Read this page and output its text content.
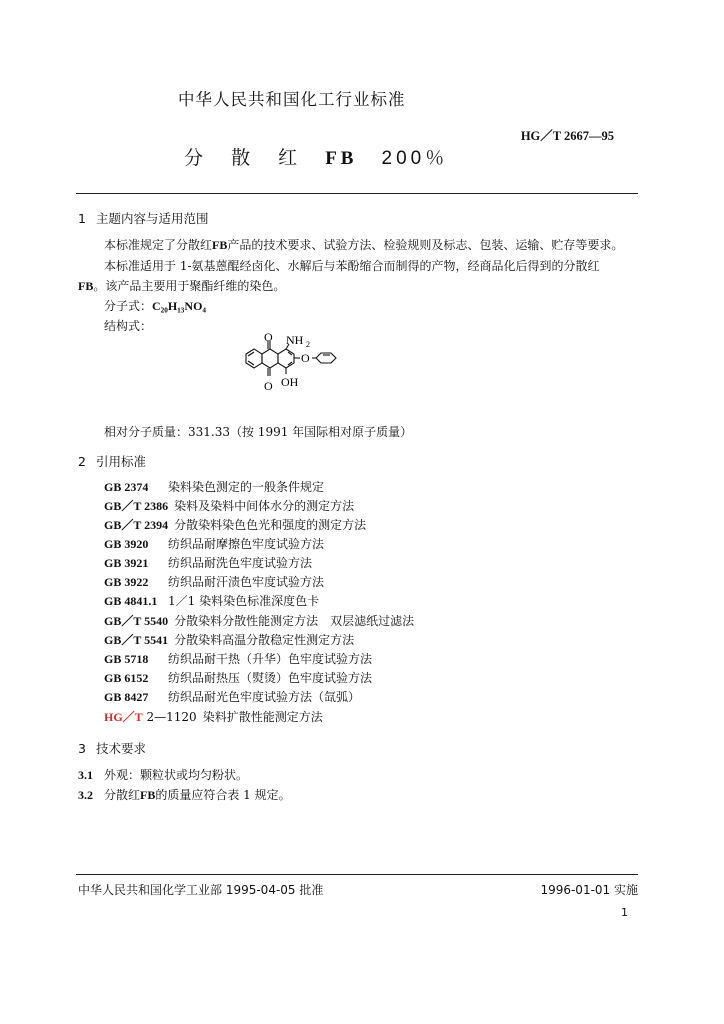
中华人民共和国化工行业标准
HG／T 2667—95
分 散 红 FB 200％
1 主题内容与适用范围
本标准规定了分散红FB产品的技术要求、试验方法、检验规则及标志、包装、运输、贮存等要求。
本标准适用于 1-氨基蒽醌经卤化、水解后与苯酚缩合而制得的产物，经商品化后得到的分散红
FB。该产品主要用于聚酯纤维的染色。
分子式：C₂₀H₁₃NO₄
结构式：
O NH 2
O
OH
O
相对分子质量：331.33（按 1991 年国际相对原子质量）
2 引用标准
GB 2374 染料染色测定的一般条件规定
GB／T 2386 染料及染料中间体水分的测定方法
GB／T 2394 分散染料染色色光和强度的测定方法
GB 3920 纺织品耐摩擦色牢度试验方法
GB 3921 纺织品耐洗色牢度试验方法
GB 3922 纺织品耐汗渍色牢度试验方法
GB 4841.1 1／1 染料染色标准深度色卡
GB／T 5540 分散染料分散性能测定方法　双层滤纸过滤法
GB／T 5541 分散染料高温分散稳定性测定方法
GB 5718 纺织品耐干热（升华）色牢度试验方法
GB 6152 纺织品耐热压（熨烫）色牢度试验方法
GB 8427 纺织品耐光色牢度试验方法（氙弧）
HG／T 2—1120 染料扩散性能测定方法
3 技术要求
3.1 外观：颗粒状或均匀粉状。
3.2 分散红FB的质量应符合表 1 规定。
中华人民共和国化学工业部 1995-04-05 批准	1996-01-01 实施
1
